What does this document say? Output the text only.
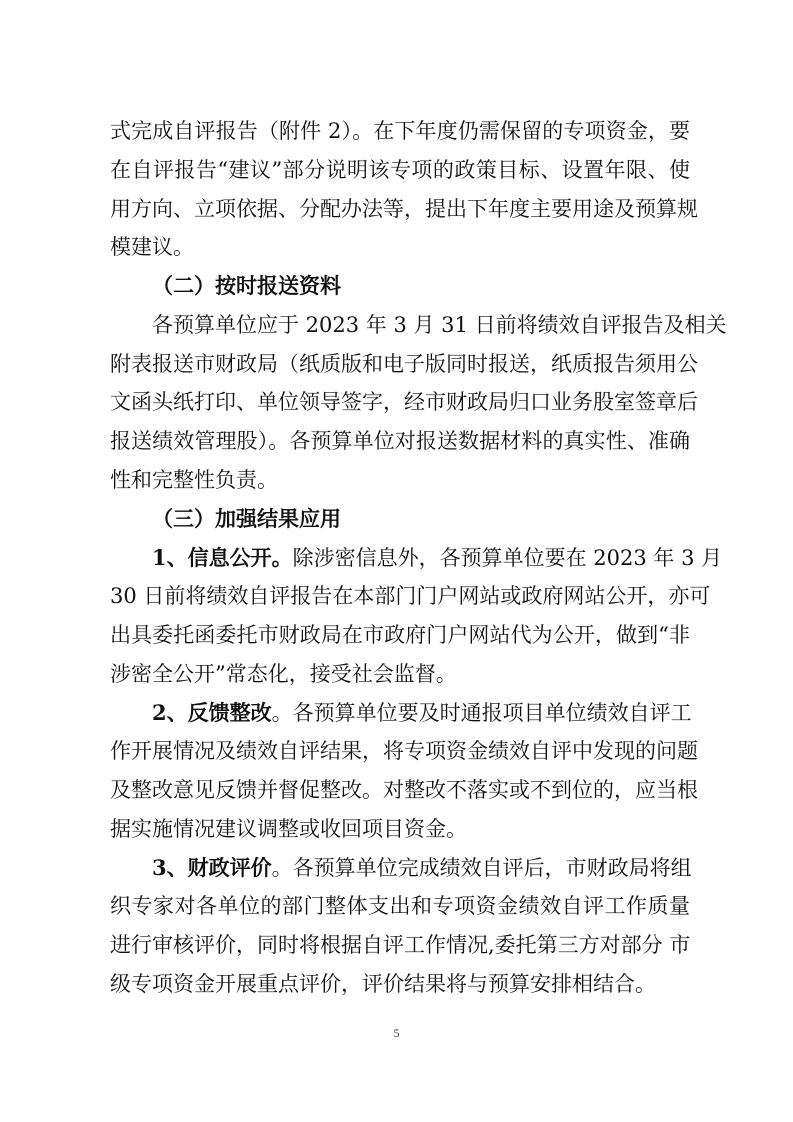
式完成自评报告（附件 2）。在下年度仍需保留的专项资金，要
在自评报告“建议”部分说明该专项的政策目标、设置年限、使
用方向、立项依据、分配办法等，提出下年度主要用途及预算规
模建议。
（二）按时报送资料
各预算单位应于 2023 年 3 月 31 日前将绩效自评报告及相关
附表报送市财政局（纸质版和电子版同时报送，纸质报告须用公
文函头纸打印、单位领导签字，经市财政局归口业务股室签章后
报送绩效管理股）。各预算单位对报送数据材料的真实性、准确
性和完整性负责。
（三）加强结果应用
1、信息公开。除涉密信息外，各预算单位要在 2023 年 3 月
30 日前将绩效自评报告在本部门门户网站或政府网站公开，亦可
出具委托函委托市财政局在市政府门户网站代为公开，做到“非
涉密全公开”常态化，接受社会监督。
2、反馈整改。各预算单位要及时通报项目单位绩效自评工
作开展情况及绩效自评结果，将专项资金绩效自评中发现的问题
及整改意见反馈并督促整改。对整改不落实或不到位的，应当根
据实施情况建议调整或收回项目资金。
3、财政评价。各预算单位完成绩效自评后，市财政局将组
织专家对各单位的部门整体支出和专项资金绩效自评工作质量
进行审核评价，同时将根据自评工作情况,委托第三方对部分 市
级专项资金开展重点评价，评价结果将与预算安排相结合。
5
